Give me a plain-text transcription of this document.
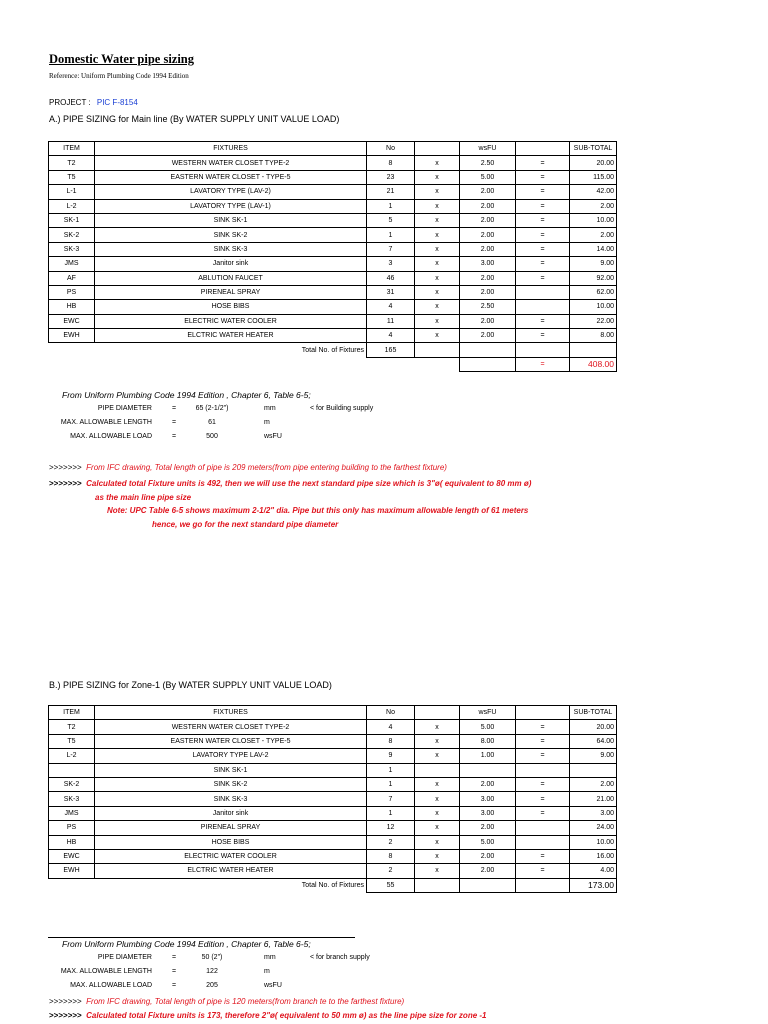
Domestic Water pipe sizing
Reference: Uniform Plumbing Code 1994 Edition
PROJECT : PIC F-8154
A.) PIPE SIZING for Main line (By WATER SUPPLY UNIT VALUE LOAD)
ITEM	FIXTURES	No		wsFU		SUB-TOTAL
T2	WESTERN WATER CLOSET TYPE-2	8	x	2.50	=	20.00
T5	EASTERN WATER CLOSET - TYPE-5	23	x	5.00	=	115.00
L-1	LAVATORY TYPE (LAV-2)	21	x	2.00	=	42.00
L-2	LAVATORY TYPE (LAV-1)	1	x	2.00	=	2.00
SK-1	SINK SK-1	5	x	2.00	=	10.00
SK-2	SINK SK-2	1	x	2.00	=	2.00
SK-3	SINK SK-3	7	x	2.00	=	14.00
JMS	Janitor sink	3	x	3.00	=	9.00
AF	ABLUTION FAUCET	46	x	2.00	=	92.00
PS	PIRENEAL SPRAY	31	x	2.00		62.00
HB	HOSE BIBS	4	x	2.50		10.00
EWC	ELECTRIC WATER COOLER	11	x	2.00	=	22.00
EWH	ELCTRIC WATER HEATER	4	x	2.00	=	8.00
Total No. of Fixtures		165				
					=	408.00
From Uniform Plumbing Code 1994 Edition , Chapter 6, Table 6-5;
PIPE DIAMETER	=	65 (2-1/2")	mm	< for Building supply
MAX. ALLOWABLE LENGTH	=	61	m
MAX. ALLOWABLE LOAD	=	500	wsFU
>>>>>>> From IFC drawing, Total length of pipe is 209 meters(from pipe entering building to the farthest fixture)
>>>>>>> Calculated total Fixture units is 492, then we will use the next standard pipe size which is 3"ø( equivalent to 80 mm ø)
as the main line pipe size
Note: UPC Table 6-5 shows maximum 2-1/2" dia. Pipe but this only has maximum allowable length of 61 meters
hence, we go for the next standard pipe diameter
B.) PIPE SIZING for Zone-1 (By WATER SUPPLY UNIT VALUE LOAD)
ITEM	FIXTURES	No		wsFU		SUB-TOTAL
T2	WESTERN WATER CLOSET TYPE-2	4	x	5.00	=	20.00
T5	EASTERN WATER CLOSET - TYPE-5	8	x	8.00	=	64.00
L-2	LAVATORY TYPE LAV-2	9	x	1.00	=	9.00
	SINK SK-1	1				
SK-2	SINK SK-2	1	x	2.00	=	2.00
SK-3	SINK SK-3	7	x	3.00	=	21.00
JMS	Janitor sink	1	x	3.00	=	3.00
PS	PIRENEAL SPRAY	12	x	2.00		24.00
HB	HOSE BIBS	2	x	5.00		10.00
EWC	ELECTRIC WATER COOLER	8	x	2.00	=	16.00
EWH	ELCTRIC WATER HEATER	2	x	2.00	=	4.00
Total No. of Fixtures		55				173.00
From Uniform Plumbing Code 1994 Edition , Chapter 6, Table 6-5;
PIPE DIAMETER	=	50 (2")	mm	< for branch supply
MAX. ALLOWABLE LENGTH	=	122	m
MAX. ALLOWABLE LOAD	=	205	wsFU
>>>>>>> From IFC drawing, Total length of pipe is 120 meters(from branch te to the farthest fixture)
>>>>>>> Calculated total Fixture units is 173, therefore 2"ø( equivalent to 50 mm ø) as the line pipe size for zone -1
